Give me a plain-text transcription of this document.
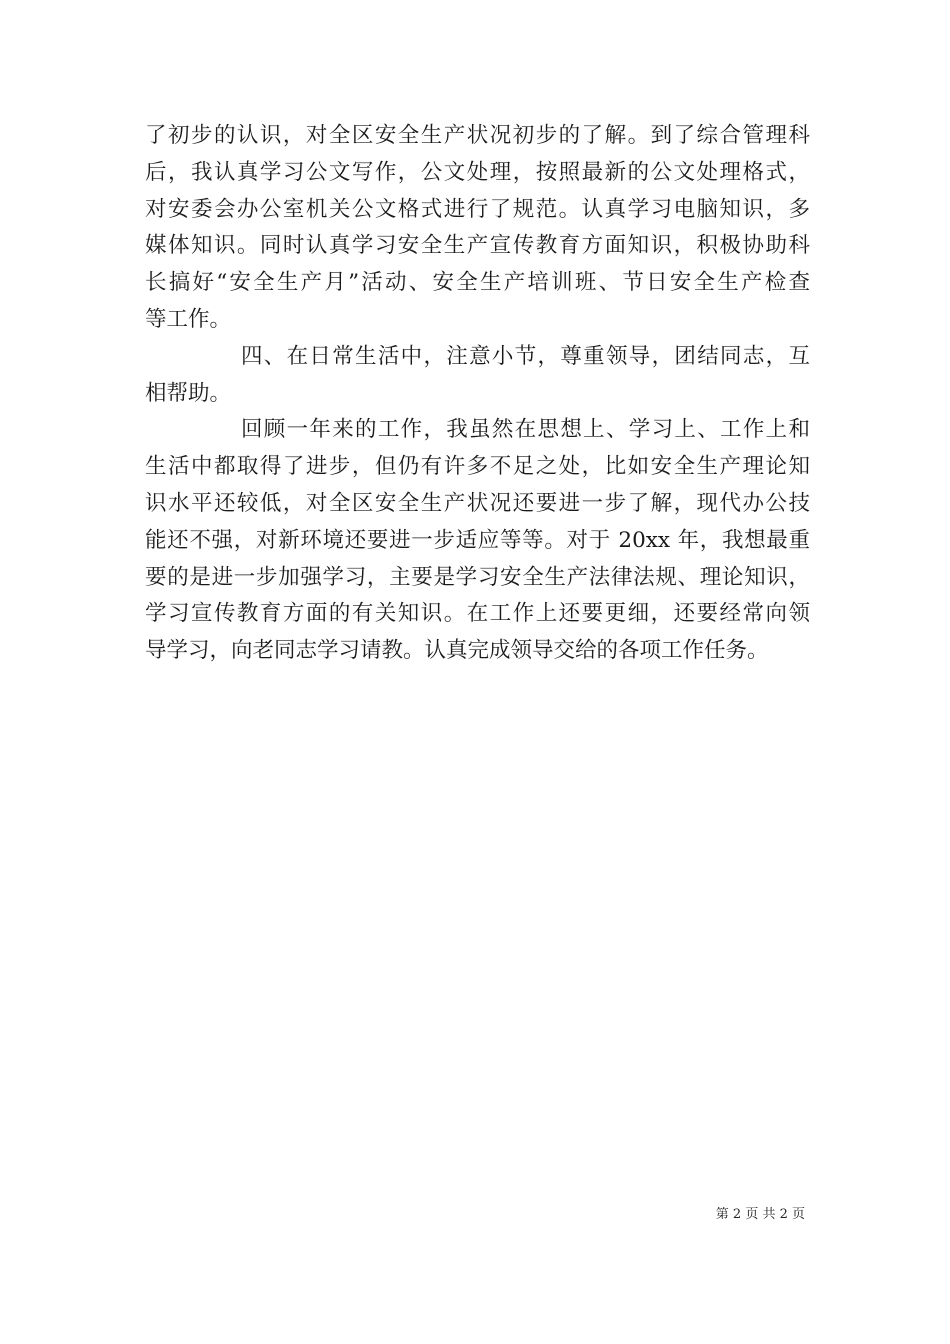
了初步的认识，对全区安全生产状况初步的了解。到了综合管理科
后，我认真学习公文写作，公文处理，按照最新的公文处理格式，
对安委会办公室机关公文格式进行了规范。认真学习电脑知识，多
媒体知识。同时认真学习安全生产宣传教育方面知识，积极协助科
长搞好“安全生产月”活动、安全生产培训班、节日安全生产检查
等工作。
四、在日常生活中，注意小节，尊重领导，团结同志，互
相帮助。
回顾一年来的工作，我虽然在思想上、学习上、工作上和
生活中都取得了进步，但仍有许多不足之处，比如安全生产理论知
识水平还较低，对全区安全生产状况还要进一步了解，现代办公技
能还不强，对新环境还要进一步适应等等。对于 20xx 年，我想最重
要的是进一步加强学习，主要是学习安全生产法律法规、理论知识，
学习宣传教育方面的有关知识。在工作上还要更细，还要经常向领
导学习，向老同志学习请教。认真完成领导交给的各项工作任务。
第 2 页 共 2 页
